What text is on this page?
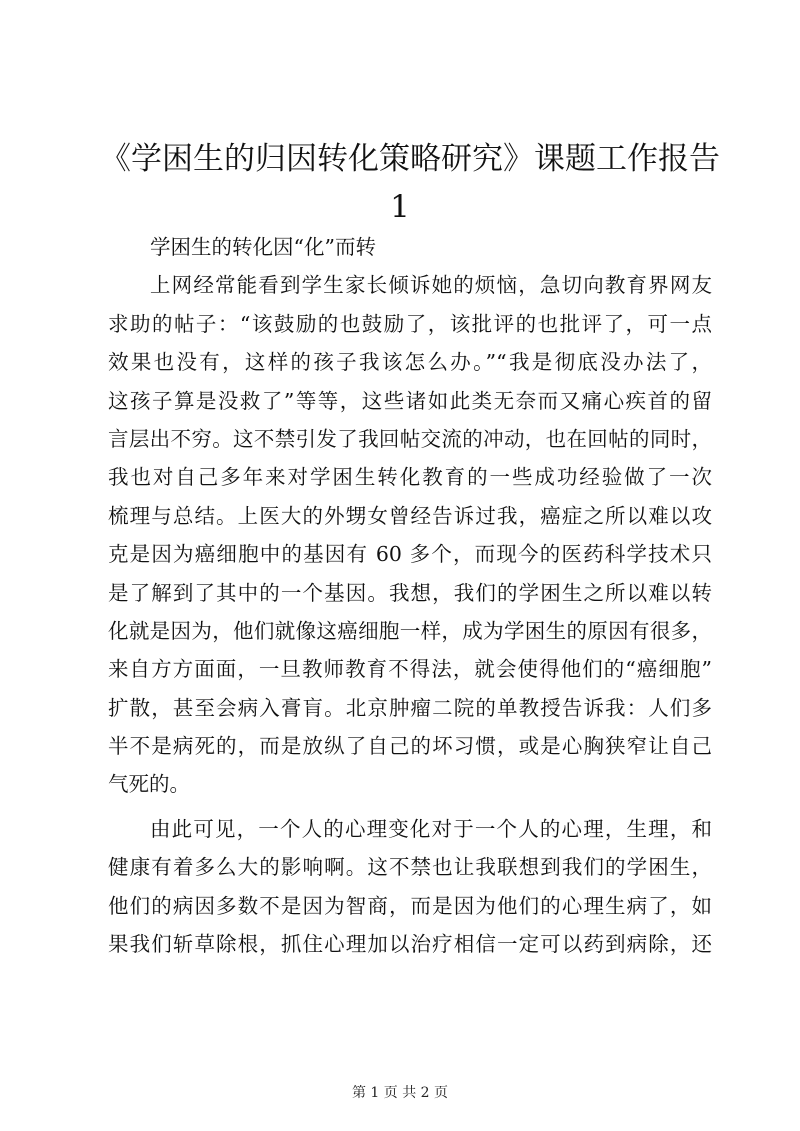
《学困生的归因转化策略研究》课题工作报告
1

学困生的转化因“化”而转

上网经常能看到学生家长倾诉她的烦恼，急切向教育界网友
求助的帖子：“该鼓励的也鼓励了，该批评的也批评了，可一点
效果也没有，这样的孩子我该怎么办。”“我是彻底没办法了，
这孩子算是没救了”等等，这些诸如此类无奈而又痛心疾首的留
言层出不穷。这不禁引发了我回帖交流的冲动，也在回帖的同时，
我也对自己多年来对学困生转化教育的一些成功经验做了一次
梳理与总结。上医大的外甥女曾经告诉过我，癌症之所以难以攻
克是因为癌细胞中的基因有 60 多个，而现今的医药科学技术只
是了解到了其中的一个基因。我想，我们的学困生之所以难以转
化就是因为，他们就像这癌细胞一样，成为学困生的原因有很多，
来自方方面面，一旦教师教育不得法，就会使得他们的“癌细胞”
扩散，甚至会病入膏肓。北京肿瘤二院的单教授告诉我：人们多
半不是病死的，而是放纵了自己的坏习惯，或是心胸狭窄让自己
气死的。

由此可见，一个人的心理变化对于一个人的心理，生理，和
健康有着多么大的影响啊。这不禁也让我联想到我们的学困生，
他们的病因多数不是因为智商，而是因为他们的心理生病了，如
果我们斩草除根，抓住心理加以治疗相信一定可以药到病除，还

第 1 页 共 2 页
